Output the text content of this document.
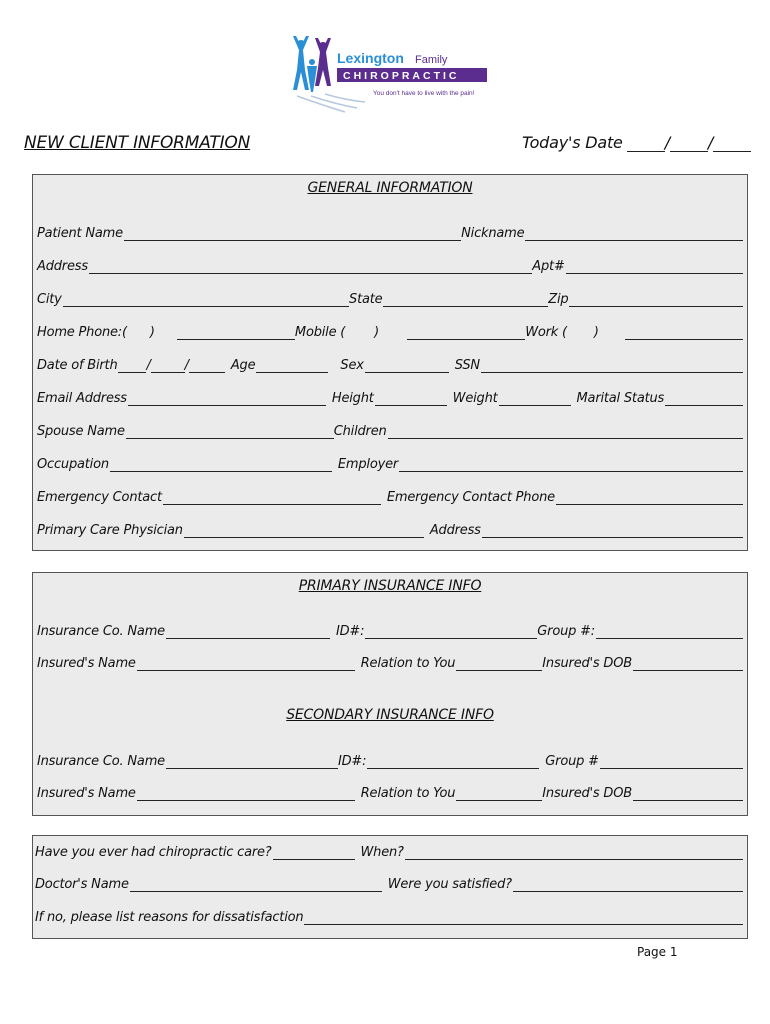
Lexington Family
CHIROPRACTIC
You don't have to live with the pain!
NEW CLIENT INFORMATION	Today's Date	/
/
GENERAL INFORMATION
Patient Name	Nickname
Address	Apt#
City	State	Zip
Home Phone:(	)	Mobile (	)	Work (	)
Date of Birth /	/	Age	Sex	SSN
Email Address	Height	Weight	Marital Status
Spouse Name	Children
Occupation	Employer
Emergency Contact	Emergency Contact Phone
Primary Care Physician	Address
PRIMARY INSURANCE INFO
Insurance Co. Name	ID#:	Group #:
Insured's Name	Relation to You	Insured's DOB
SECONDARY INSURANCE INFO
Insurance Co. Name	ID#:	Group #
Insured's Name	Relation to You	Insured's DOB
Have you ever had chiropractic care?	When?
Doctor's Name	Were you satisfied?
If no, please list reasons for dissatisfaction
Page 1
